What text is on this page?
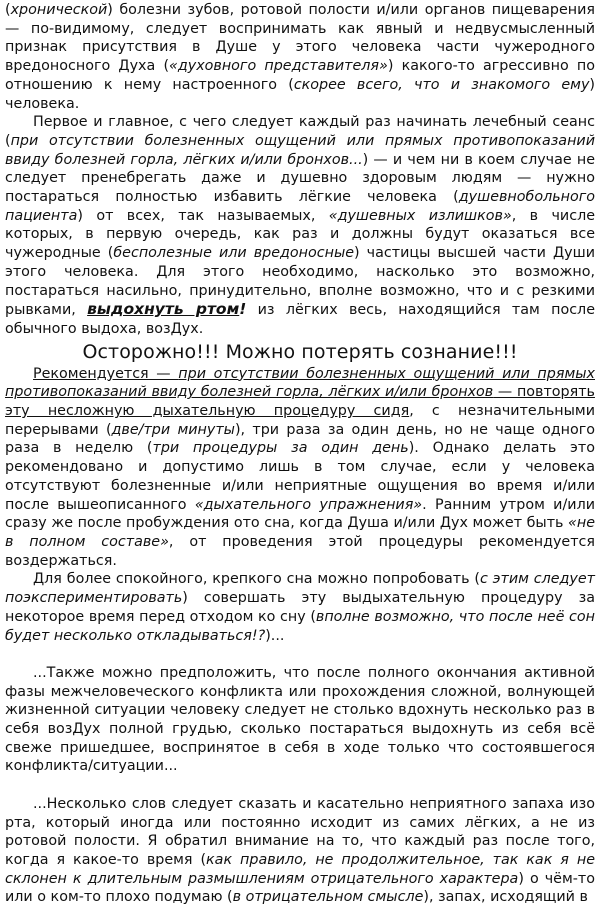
(хронической) болезни зубов, ротовой полости и/или органов пищеварения — по-видимому, следует воспринимать как явный и недвусмысленный признак присутствия в Душе у этого человека части чужеродного вредоносного Духа («духовного представителя») какого-то агрессивно по отношению к нему настроенного (скорее всего, что и знакомого ему) человека.

Первое и главное, с чего следует каждый раз начинать лечебный сеанс (при отсутствии болезненных ощущений или прямых противопоказаний ввиду болезней горла, лёгких и/или бронхов...) — и чем ни в коем случае не следует пренебрегать даже и душевно здоровым людям — нужно постараться полностью избавить лёгкие человека (душевнобольного пациента) от всех, так называемых, «душевных излишков», в числе которых, в первую очередь, как раз и должны будут оказаться все чужеродные (бесполезные или вредоносные) частицы высшей части Души этого человека. Для этого необходимо, насколько это возможно, постараться насильно, принудительно, вполне возможно, что и с резкими рывками, выдохнуть ртом! из лёгких весь, находящийся там после обычного выдоха, возДух.

Осторожно!!! Можно потерять сознание!!!

Рекомендуется — при отсутствии болезненных ощущений или прямых противопоказаний ввиду болезней горла, лёгких и/или бронхов — повторять эту несложную дыхательную процедуру сидя, с незначительными перерывами (две/три минуты), три раза за один день, но не чаще одного раза в неделю (три процедуры за один день). Однако делать это рекомендовано и допустимо лишь в том случае, если у человека отсутствуют болезненные и/или неприятные ощущения во время и/или после вышеописанного «дыхательного упражнения». Ранним утром и/или сразу же после пробуждения ото сна, когда Душа и/или Дух может быть «не в полном составе», от проведения этой процедуры рекомендуется воздержаться.

Для более спокойного, крепкого сна можно попробовать (с этим следует поэкспериментировать) совершать эту выдыхательную процедуру за некоторое время перед отходом ко сну (вполне возможно, что после неё сон будет несколько откладываться!?)...

...Также можно предположить, что после полного окончания активной фазы межчеловеческого конфликта или прохождения сложной, волнующей жизненной ситуации человеку следует не столько вдохнуть несколько раз в себя возДух полной грудью, сколько постараться выдохнуть из себя всё свеже пришедшее, воспринятое в себя в ходе только что состоявшегося конфликта/ситуации...

...Несколько слов следует сказать и касательно неприятного запаха изо рта, который иногда или постоянно исходит из самих лёгких, а не из ротовой полости. Я обратил внимание на то, что каждый раз после того, когда я какое-то время (как правило, не продолжительное, так как я не склонен к длительным размышлениям отрицательного характера) о чём-то или о ком-то плохо подумаю (в отрицательном смысле), запах, исходящий в
